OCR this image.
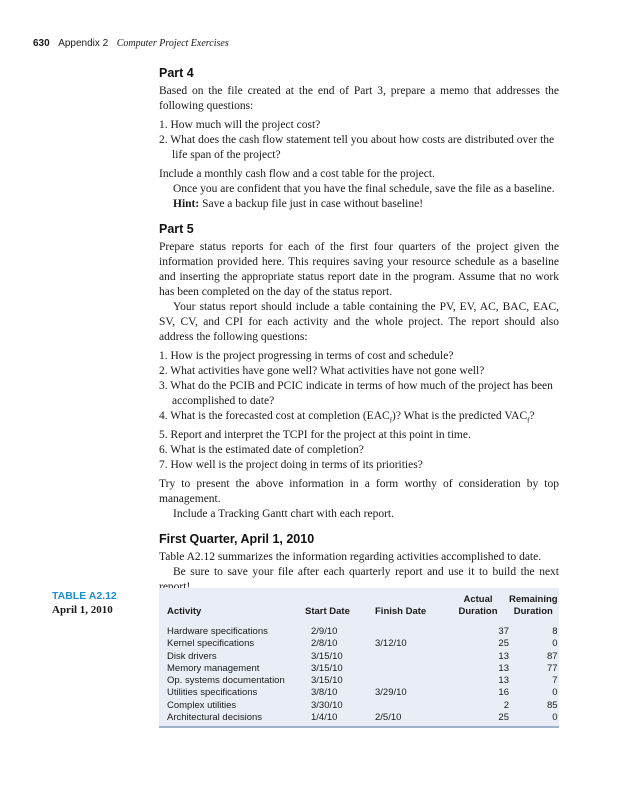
630 Appendix 2 Computer Project Exercises
Part 4

Based on the file created at the end of Part 3, prepare a memo that addresses the following questions:

1. How much will the project cost?
2. What does the cash flow statement tell you about how costs are distributed over the life span of the project?

Include a monthly cash flow and a cost table for the project.

Once you are confident that you have the final schedule, save the file as a baseline.

Hint: Save a backup file just in case without baseline!

Part 5

Prepare status reports for each of the first four quarters of the project given the information provided here. This requires saving your resource schedule as a baseline and inserting the appropriate status report date in the program. Assume that no work has been completed on the day of the status report.

Your status report should include a table containing the PV, EV, AC, BAC, EAC, SV, CV, and CPI for each activity and the whole project. The report should also address the following questions:

1. How is the project progressing in terms of cost and schedule?
2. What activities have gone well? What activities have not gone well?
3. What do the PCIB and PCIC indicate in terms of how much of the project has been accomplished to date?
4. What is the forecasted cost at completion $(EAC_f)$? What is the predicted $VAC_f$?
5. Report and interpret the TCPI for the project at this point in time.
6. What is the estimated date of completion?
7. How well is the project doing in terms of its priorities?

Try to present the above information in a form worthy of consideration by top management.

Include a Tracking Gantt chart with each report.

First Quarter, April 1, 2010

Table A2.12 summarizes the information regarding activities accomplished to date.

Be sure to save your file after each quarterly report and use it to build the next

TABLE A2.12
April 1, 2010	Activity	Start Date	Finish Date	Actual
Duration	Remaining
Duration

Hardware specifications	2/9/10		37	8
Kernel specifications	2/8/10	3/12/10	25	0
Disk drivers	3/15/10		13	87
Memory management	3/15/10		13	77
Op. systems documentation	3/15/10		13	7
Utilities specifications	3/8/10	3/29/10	16	0
Complex utilities	3/30/10		2	85
Architectural decisions	1/4/10	2/5/10	25	0
